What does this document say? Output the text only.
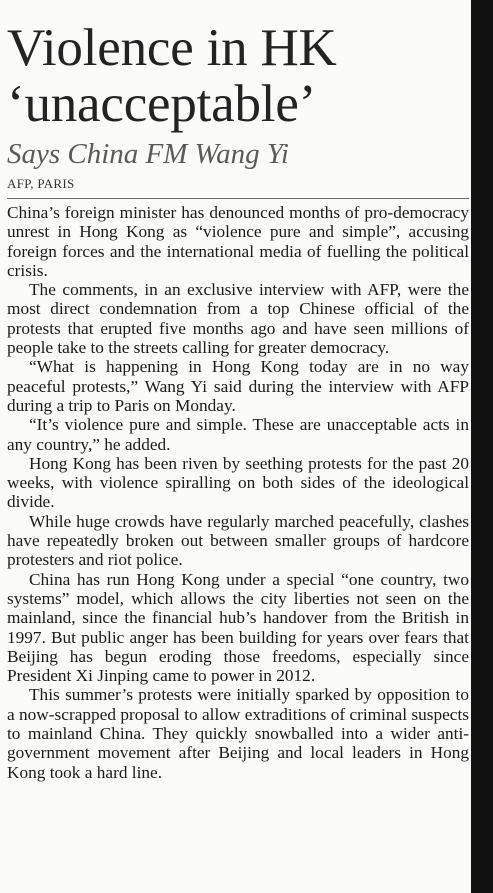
Violence in HK
‘unacceptable’
Says China FM Wang Yi
AFP, PARIS

China’s foreign minister has denounced months of pro-democracy unrest in Hong Kong as “violence pure and simple”, accusing foreign forces and the international media of fuelling the political crisis.

The comments, in an exclusive interview with AFP, were the most direct condemnation from a top Chinese official of the protests that erupted five months ago and have seen millions of people take to the streets calling for greater democracy.

“What is happening in Hong Kong today are in no way peaceful protests,” Wang Yi said during the interview with AFP during a trip to Paris on Monday.

“It’s violence pure and simple. These are unacceptable acts in any country,” he added.

Hong Kong has been riven by seething protests for the past 20 weeks, with violence spiralling on both sides of the ideological divide.

While huge crowds have regularly marched peacefully, clashes have repeatedly broken out between smaller groups of hardcore protesters and riot police.

China has run Hong Kong under a special “one country, two systems” model, which allows the city liberties not seen on the mainland, since the financial hub’s handover from the British in 1997. But public anger has been building for years over fears that Beijing has begun eroding those freedoms, especially since President Xi Jinping came to power in 2012.

This summer’s protests were initially sparked by opposition to a now-scrapped proposal to allow extraditions of criminal suspects to mainland China. They quickly snowballed into a wider anti-government movement after Beijing and local leaders in Hong Kong took a hard line.
